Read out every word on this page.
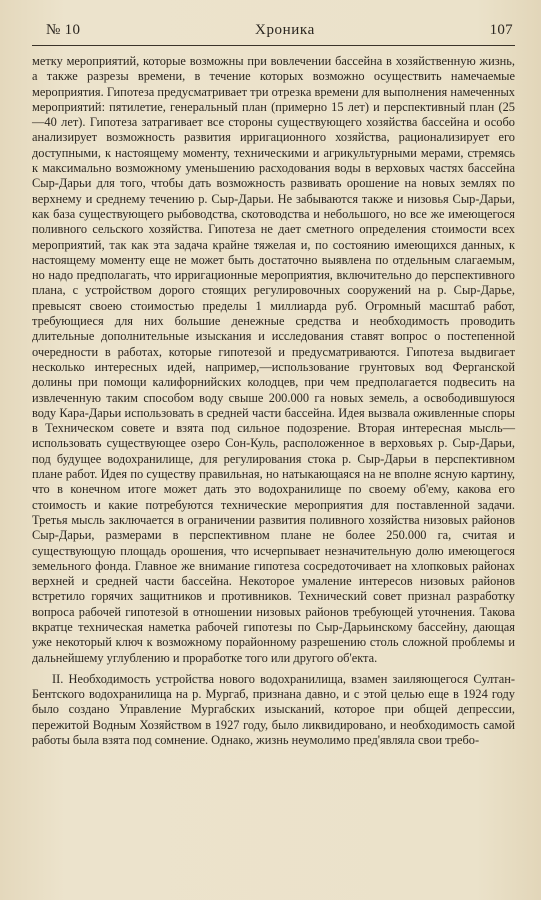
№ 10	Хроника	107

метку мероприятий, которые возможны при вовлечении бассейна в хозяйственную жизнь, а также разрезы времени, в течение которых возможно осуществить намечаемые мероприятия. Гипотеза предусматривает три отрезка времени для выполнения намеченных мероприятий: пятилетие, генеральный план (примерно 15 лет) и перспективный план (25—40 лет). Гипотеза затрагивает все стороны существующего хозяйства бассейна и особо анализирует возможность развития ирригационного хозяйства, рационализирует его доступными, к настоящему моменту, техническими и агрикультурными мерами, стремясь к максимально возможному уменьшению расходования воды в верховых частях бассейна Сыр-Дарьи для того, чтобы дать возможность развивать орошение на новых землях по верхнему и среднему течению р. Сыр-Дарьи. Не забываются также и низовья Сыр-Дарьи, как база существующего рыбоводства, скотоводства и небольшого, но все же имеющегося поливного сельского хозяйства. Гипотеза не дает сметного определения стоимости всех мероприятий, так как эта задача крайне тяжелая и, по состоянию имеющихся данных, к настоящему моменту еще не может быть достаточно выявлена по отдельным слагаемым, но надо предполагать, что ирригационные мероприятия, включительно до перспективного плана, с устройством дорого стоящих регулировочных сооружений на р. Сыр-Дарье, превысят своею стоимостью пределы 1 миллиарда руб. Огромный масштаб работ, требующиеся для них большие денежные средства и необходимость проводить длительные дополнительные изыскания и исследования ставят вопрос о постепенной очередности в работах, которые гипотезой и предусматриваются. Гипотеза выдвигает несколько интересных идей, например,—использование грунтовых вод Ферганской долины при помощи калифорнийских колодцев, при чем предполагается подвесить на извлеченную таким способом воду свыше 200.000 га новых земель, а освободившуюся воду Кара-Дарьи использовать в средней части бассейна. Идея вызвала оживленные споры в Техническом совете и взята под сильное подозрение. Вторая интересная мысль—использовать существующее озеро Сон-Куль, расположенное в верховьях р. Сыр-Дарьи, под будущее водохранилище, для регулирования стока р. Сыр-Дарьи в перспективном плане работ. Идея по существу правильная, но натыкающаяся на не вполне ясную картину, что в конечном итоге может дать это водохранилище по своему об'ему, какова его стоимость и какие потребуются технические мероприятия для поставленной задачи. Третья мысль заключается в ограничении развития поливного хозяйства низовых районов Сыр-Дарьи, размерами в перспективном плане не более 250.000 га, считая и существующую площадь орошения, что исчерпывает незначительную долю имеющегося земельного фонда. Главное же внимание гипотеза сосредоточивает на хлопковых районах верхней и средней части бассейна. Некоторое умаление интересов низовых районов встретило горячих защитников и противников. Технический совет признал разработку вопроса рабочей гипотезой в отношении низовых районов требующей уточнения. Такова вкратце техническая наметка рабочей гипотезы по Сыр-Дарьинскому бассейну, дающая уже некоторый ключ к возможному порайонному разрешению столь сложной проблемы и дальнейшему углублению и проработке того или другого об'екта.

II. Необходимость устройства нового водохранилища, взамен заиляющегося Султан-Бентского водохранилища на р. Мургаб, признана давно, и с этой целью еще в 1924 году было создано Управление Мургабских изысканий, которое при общей депрессии, пережитой Водным Хозяйством в 1927 году, было ликвидировано, и необходимость самой работы была взята под сомнение. Однако, жизнь неумолимо пред'являла свои требо-
